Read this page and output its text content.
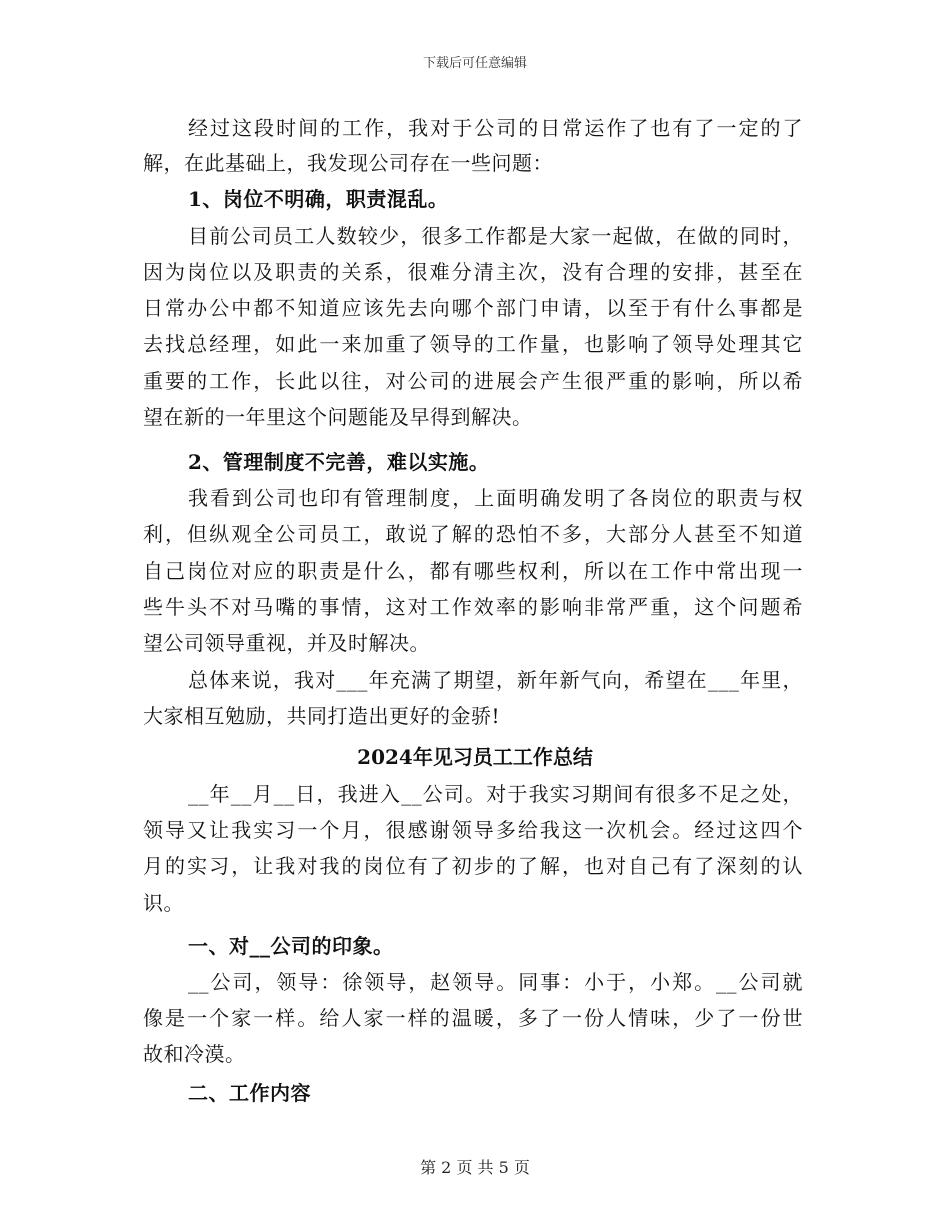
下载后可任意编辑
经过这段时间的工作，我对于公司的日常运作了也有了一定的了
解，在此基础上，我发现公司存在一些问题：
1、岗位不明确，职责混乱。
目前公司员工人数较少，很多工作都是大家一起做，在做的同时，
因为岗位以及职责的关系，很难分清主次，没有合理的安排，甚至在
日常办公中都不知道应该先去向哪个部门申请，以至于有什么事都是
去找总经理，如此一来加重了领导的工作量，也影响了领导处理其它
重要的工作，长此以往，对公司的进展会产生很严重的影响，所以希
望在新的一年里这个问题能及早得到解决。
2、管理制度不完善，难以实施。
我看到公司也印有管理制度，上面明确发明了各岗位的职责与权
利，但纵观全公司员工，敢说了解的恐怕不多，大部分人甚至不知道
自己岗位对应的职责是什么，都有哪些权利，所以在工作中常出现一
些牛头不对马嘴的事情，这对工作效率的影响非常严重，这个问题希
望公司领导重视，并及时解决。
总体来说，我对___年充满了期望，新年新气向，希望在___年里，
大家相互勉励，共同打造出更好的金骄!
2024年见习员工工作总结
__年__月__日，我进入__公司。对于我实习期间有很多不足之处，
领导又让我实习一个月，很感谢领导多给我这一次机会。经过这四个
月的实习，让我对我的岗位有了初步的了解，也对自己有了深刻的认
识。
一、对__公司的印象。
__公司，领导：徐领导，赵领导。同事：小于，小郑。__公司就
像是一个家一样。给人家一样的温暖，多了一份人情味，少了一份世
故和冷漠。
二、工作内容
第 2 页 共 5 页
